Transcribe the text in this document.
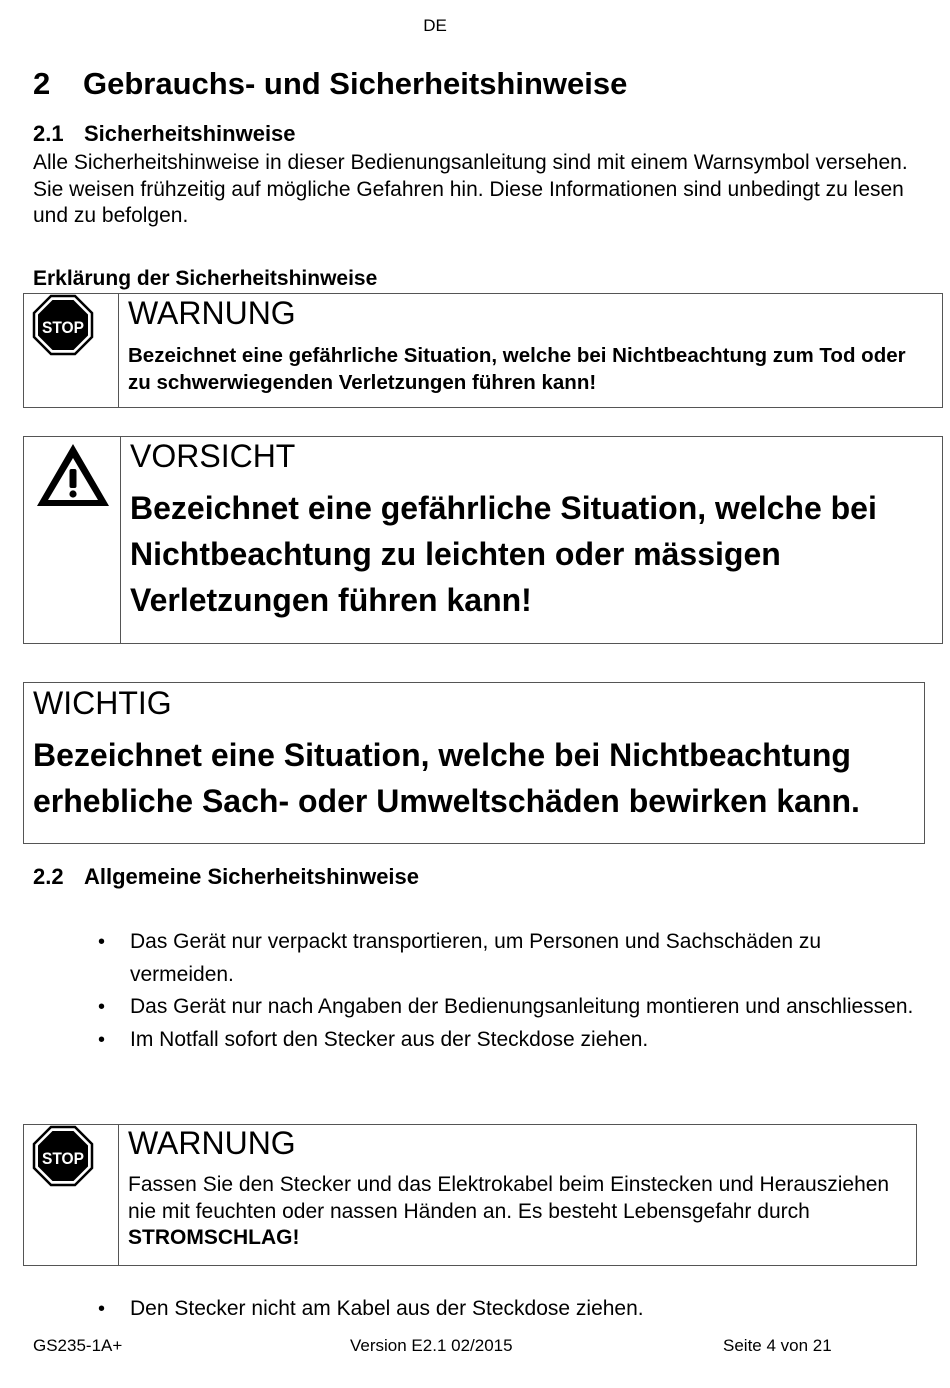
DE
2 Gebrauchs- und Sicherheitshinweise
2.1 Sicherheitshinweise
Alle Sicherheitshinweise in dieser Bedienungsanleitung sind mit einem Warnsymbol versehen. Sie weisen frühzeitig auf mögliche Gefahren hin. Diese Informationen sind unbedingt zu lesen und zu befolgen.
Erklärung der Sicherheitshinweise
STOP WARNUNG
Bezeichnet eine gefährliche Situation, welche bei Nichtbeachtung zum Tod oder zu schwerwiegenden Verletzungen führen kann!
VORSICHT
Bezeichnet eine gefährliche Situation, welche bei Nichtbeachtung zu leichten oder mässigen Verletzungen führen kann!
WICHTIG
Bezeichnet eine Situation, welche bei Nichtbeachtung erhebliche Sach- oder Umweltschäden bewirken kann.
2.2 Allgemeine Sicherheitshinweise
• Das Gerät nur verpackt transportieren, um Personen und Sachschäden zu vermeiden.
• Das Gerät nur nach Angaben der Bedienungsanleitung montieren und anschliessen.
• Im Notfall sofort den Stecker aus der Steckdose ziehen.
STOP WARNUNG
Fassen Sie den Stecker und das Elektrokabel beim Einstecken und Herausziehen nie mit feuchten oder nassen Händen an. Es besteht Lebensgefahr durch STROMSCHLAG!
• Den Stecker nicht am Kabel aus der Steckdose ziehen.
GS235-1A+	Version E2.1 02/2015	Seite 4 von 21
